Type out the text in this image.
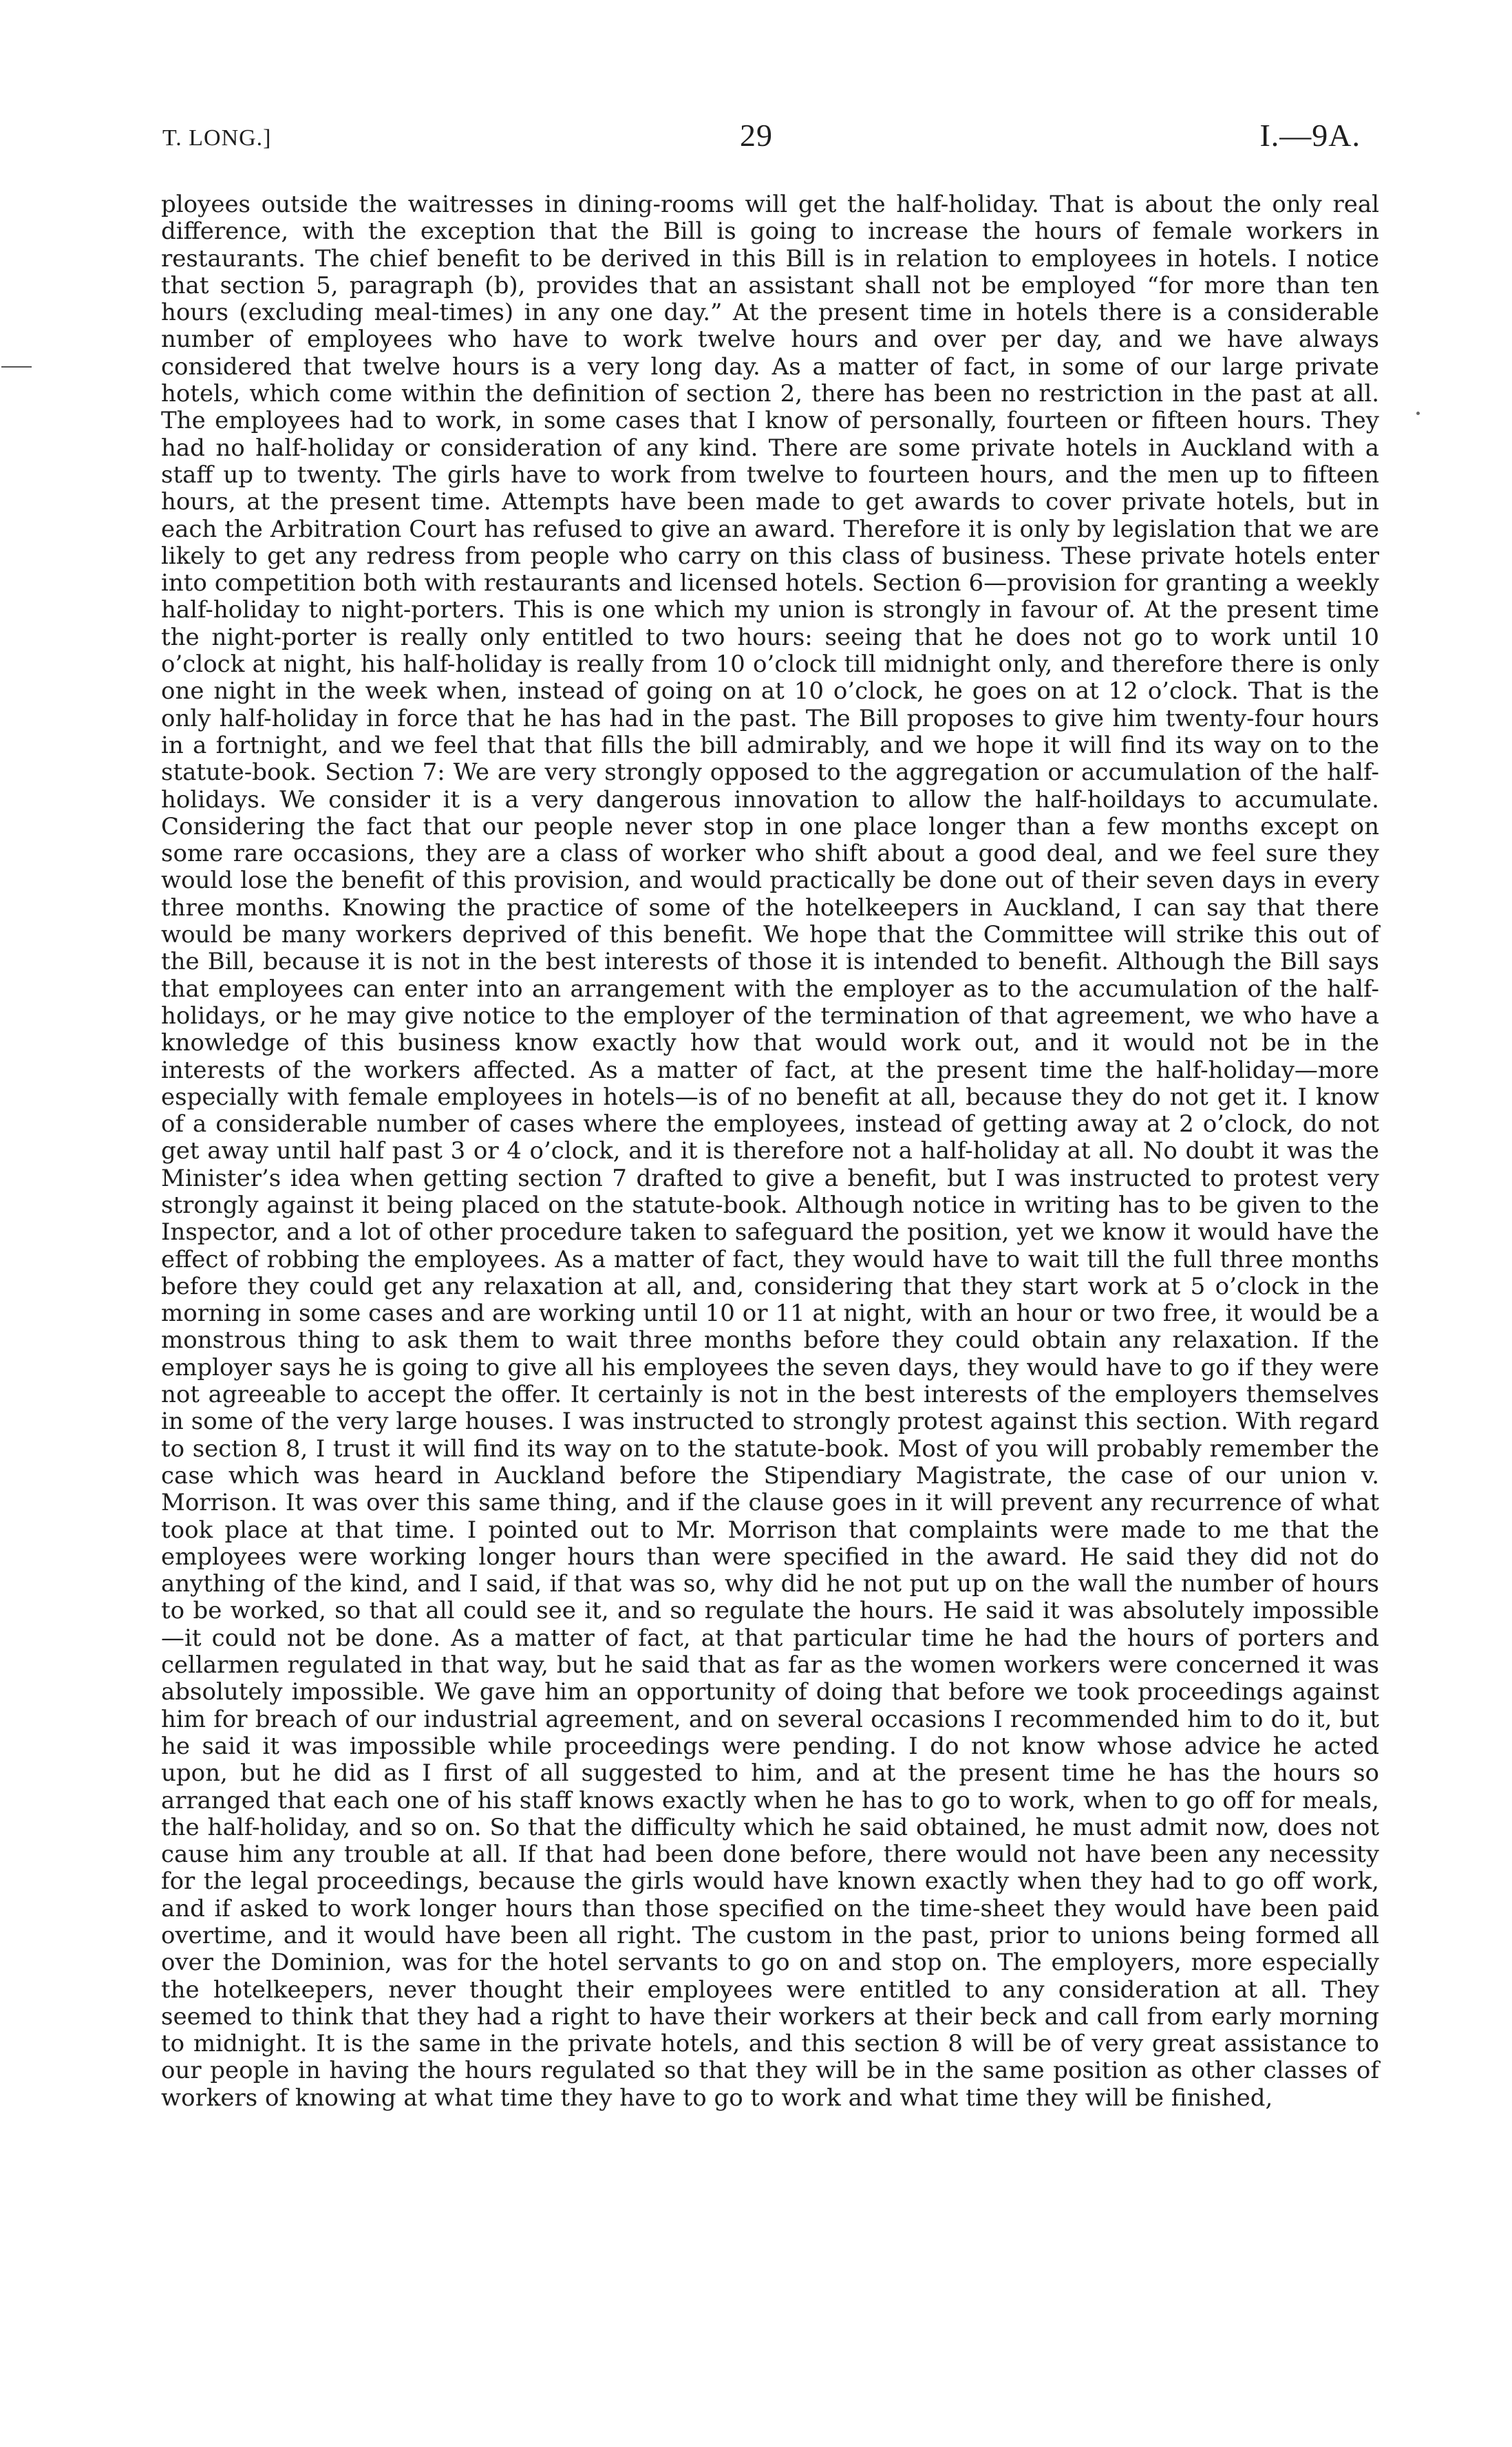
T. LONG.]	29	I.—9A.

ployees outside the waitresses in dining-rooms will get the half-holiday. That is about the only real difference, with the exception that the Bill is going to increase the hours of female workers in restaurants. The chief benefit to be derived in this Bill is in relation to employees in hotels. I notice that section 5, paragraph (b), provides that an assistant shall not be employed “for more than ten hours (excluding meal-times) in any one day.” At the present time in hotels there is a considerable number of employees who have to work twelve hours and over per day, and we have always considered that twelve hours is a very long day. As a matter of fact, in some of our large private hotels, which come within the definition of section 2, there has been no restriction in the past at all. The employees had to work, in some cases that I know of personally, fourteen or fifteen hours. They had no half-holiday or consideration of any kind. There are some private hotels in Auckland with a staff up to twenty. The girls have to work from twelve to fourteen hours, and the men up to fifteen hours, at the present time. Attempts have been made to get awards to cover private hotels, but in each the Arbitration Court has refused to give an award. Therefore it is only by legislation that we are likely to get any redress from people who carry on this class of business. These private hotels enter into competition both with restaurants and licensed hotels. Section 6—provision for granting a weekly half-holiday to night-porters. This is one which my union is strongly in favour of. At the present time the night-porter is really only entitled to two hours: seeing that he does not go to work until 10 o’clock at night, his half-holiday is really from 10 o’clock till midnight only, and therefore there is only one night in the week when, instead of going on at 10 o’clock, he goes on at 12 o’clock. That is the only half-holiday in force that he has had in the past. The Bill proposes to give him twenty-four hours in a fortnight, and we feel that that fills the bill admirably, and we hope it will find its way on to the statute-book. Section 7: We are very strongly opposed to the aggregation or accumulation of the half-holidays. We consider it is a very dangerous innovation to allow the half-hoildays to accumulate. Considering the fact that our people never stop in one place longer than a few months except on some rare occasions, they are a class of worker who shift about a good deal, and we feel sure they would lose the benefit of this provision, and would practically be done out of their seven days in every three months. Knowing the practice of some of the hotelkeepers in Auckland, I can say that there would be many workers deprived of this benefit. We hope that the Committee will strike this out of the Bill, because it is not in the best interests of those it is intended to benefit. Although the Bill says that employees can enter into an arrangement with the employer as to the accumulation of the half-holidays, or he may give notice to the employer of the termination of that agreement, we who have a knowledge of this business know exactly how that would work out, and it would not be in the interests of the workers affected. As a matter of fact, at the present time the half-holiday—more especially with female employees in hotels—is of no benefit at all, because they do not get it. I know of a considerable number of cases where the employees, instead of getting away at 2 o’clock, do not get away until half past 3 or 4 o’clock, and it is therefore not a half-holiday at all. No doubt it was the Minister’s idea when getting section 7 drafted to give a benefit, but I was instructed to protest very strongly against it being placed on the statute-book. Although notice in writing has to be given to the Inspector, and a lot of other procedure taken to safeguard the position, yet we know it would have the effect of robbing the employees. As a matter of fact, they would have to wait till the full three months before they could get any relaxation at all, and, considering that they start work at 5 o’clock in the morning in some cases and are working until 10 or 11 at night, with an hour or two free, it would be a monstrous thing to ask them to wait three months before they could obtain any relaxation. If the employer says he is going to give all his employees the seven days, they would have to go if they were not agreeable to accept the offer. It certainly is not in the best interests of the employers themselves in some of the very large houses. I was instructed to strongly protest against this section. With regard to section 8, I trust it will find its way on to the statute-book. Most of you will probably remember the case which was heard in Auckland before the Stipendiary Magistrate, the case of our union v. Morrison. It was over this same thing, and if the clause goes in it will prevent any recurrence of what took place at that time. I pointed out to Mr. Morrison that complaints were made to me that the employees were working longer hours than were specified in the award. He said they did not do anything of the kind, and I said, if that was so, why did he not put up on the wall the number of hours to be worked, so that all could see it, and so regulate the hours. He said it was absolutely impossible—it could not be done. As a matter of fact, at that particular time he had the hours of porters and cellarmen regulated in that way, but he said that as far as the women workers were concerned it was absolutely impossible. We gave him an opportunity of doing that before we took proceedings against him for breach of our industrial agreement, and on several occasions I recommended him to do it, but he said it was impossible while proceedings were pending. I do not know whose advice he acted upon, but he did as I first of all suggested to him, and at the present time he has the hours so arranged that each one of his staff knows exactly when he has to go to work, when to go off for meals, the half-holiday, and so on. So that the difficulty which he said obtained, he must admit now, does not cause him any trouble at all. If that had been done before, there would not have been any necessity for the legal proceedings, because the girls would have known exactly when they had to go off work, and if asked to work longer hours than those specified on the time-sheet they would have been paid overtime, and it would have been all right. The custom in the past, prior to unions being formed all over the Dominion, was for the hotel servants to go on and stop on. The employers, more especially the hotelkeepers, never thought their employees were entitled to any consideration at all. They seemed to think that they had a right to have their workers at their beck and call from early morning to midnight. It is the same in the private hotels, and this section 8 will be of very great assistance to our people in having the hours regulated so that they will be in the same position as other classes of workers of knowing at what time they have to go to work and what time they will be finished,
